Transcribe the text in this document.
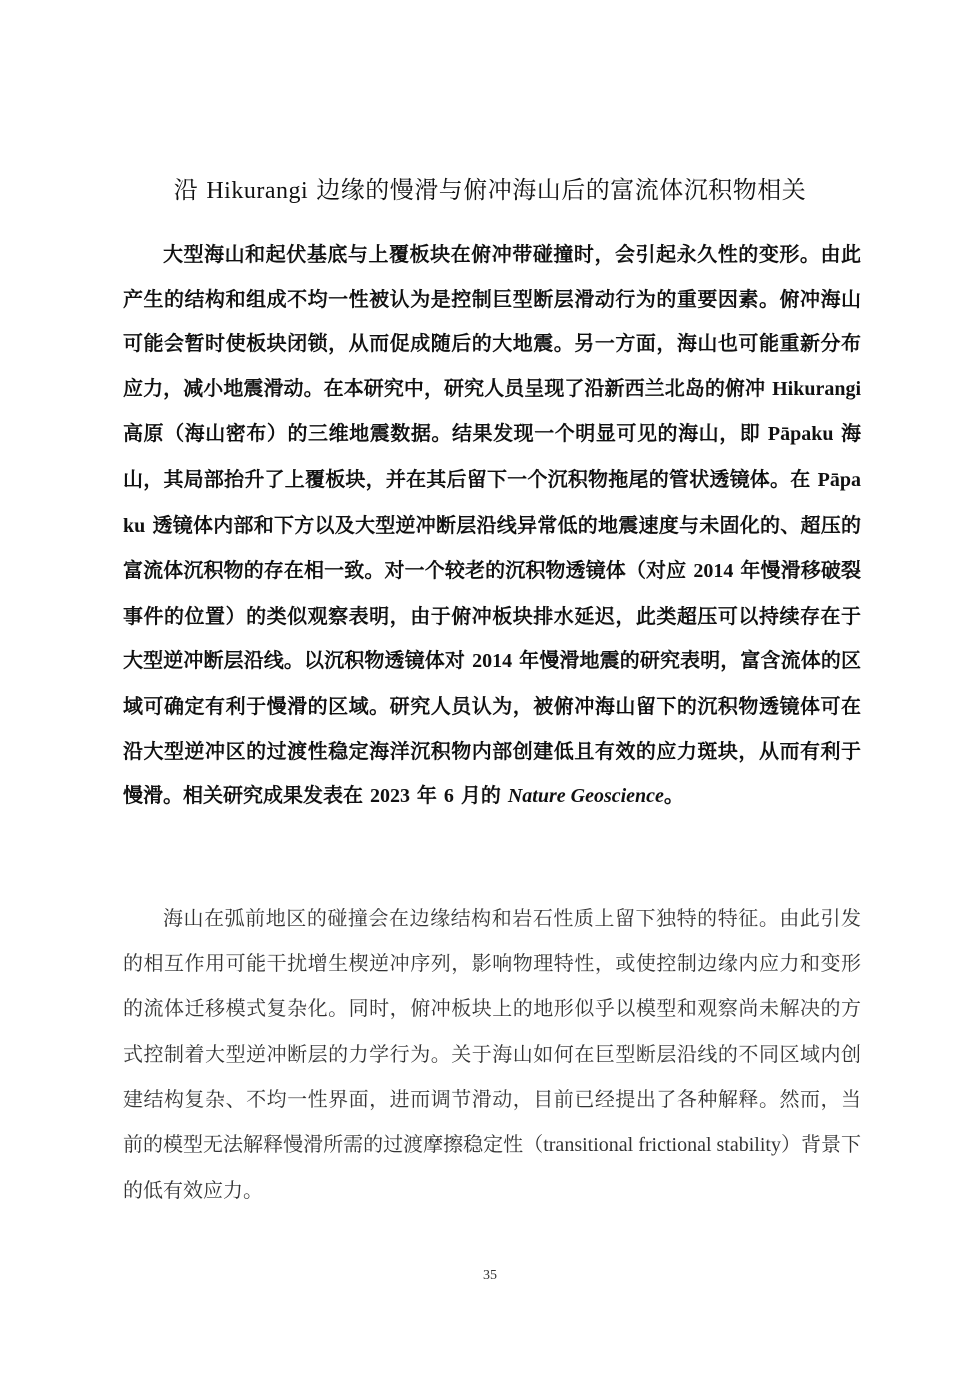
沿 Hikurangi 边缘的慢滑与俯冲海山后的富流体沉积物相关
大型海山和起伏基底与上覆板块在俯冲带碰撞时，会引起永久性的变形。由此产生的结构和组成不均一性被认为是控制巨型断层滑动行为的重要因素。俯冲海山可能会暂时使板块闭锁，从而促成随后的大地震。另一方面，海山也可能重新分布应力，减小地震滑动。在本研究中，研究人员呈现了沿新西兰北岛的俯冲 Hikurangi 高原（海山密布）的三维地震数据。结果发现一个明显可见的海山，即 Pāpaku 海山，其局部抬升了上覆板块，并在其后留下一个沉积物拖尾的管状透镜体。在 Pāpaku 透镜体内部和下方以及大型逆冲断层沿线异常低的地震速度与未固化的、超压的富流体沉积物的存在相一致。对一个较老的沉积物透镜体（对应 2014 年慢滑移破裂事件的位置）的类似观察表明，由于俯冲板块排水延迟，此类超压可以持续存在于大型逆冲断层沿线。以沉积物透镜体对 2014 年慢滑地震的研究表明，富含流体的区域可确定有利于慢滑的区域。研究人员认为，被俯冲海山留下的沉积物透镜体可在沿大型逆冲区的过渡性稳定海洋沉积物内部创建低且有效的应力斑块，从而有利于慢滑。相关研究成果发表在 2023 年 6 月的 Nature Geoscience。
海山在弧前地区的碰撞会在边缘结构和岩石性质上留下独特的特征。由此引发的相互作用可能干扰增生楔逆冲序列，影响物理特性，或使控制边缘内应力和变形的流体迁移模式复杂化。同时，俯冲板块上的地形似乎以模型和观察尚未解决的方式控制着大型逆冲断层的力学行为。关于海山如何在巨型断层沿线的不同区域内创建结构复杂、不均一性界面，进而调节滑动，目前已经提出了各种解释。然而，当前的模型无法解释慢滑所需的过渡摩擦稳定性（transitional frictional stability）背景下的低有效应力。
35
